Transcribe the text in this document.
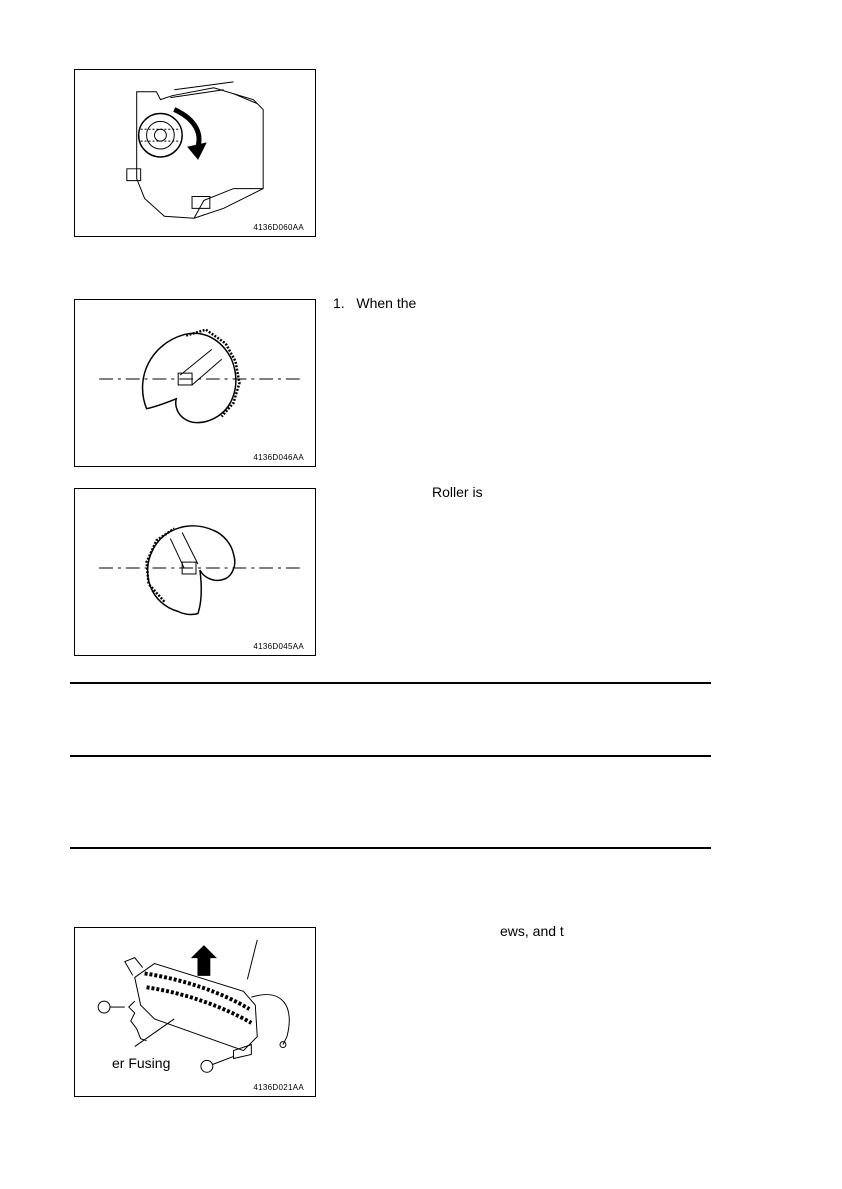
4136D060AA
4136D046AA
1. When the
4136D045AA
Roller is
er Fusing
4136D021AA
ews, and t
